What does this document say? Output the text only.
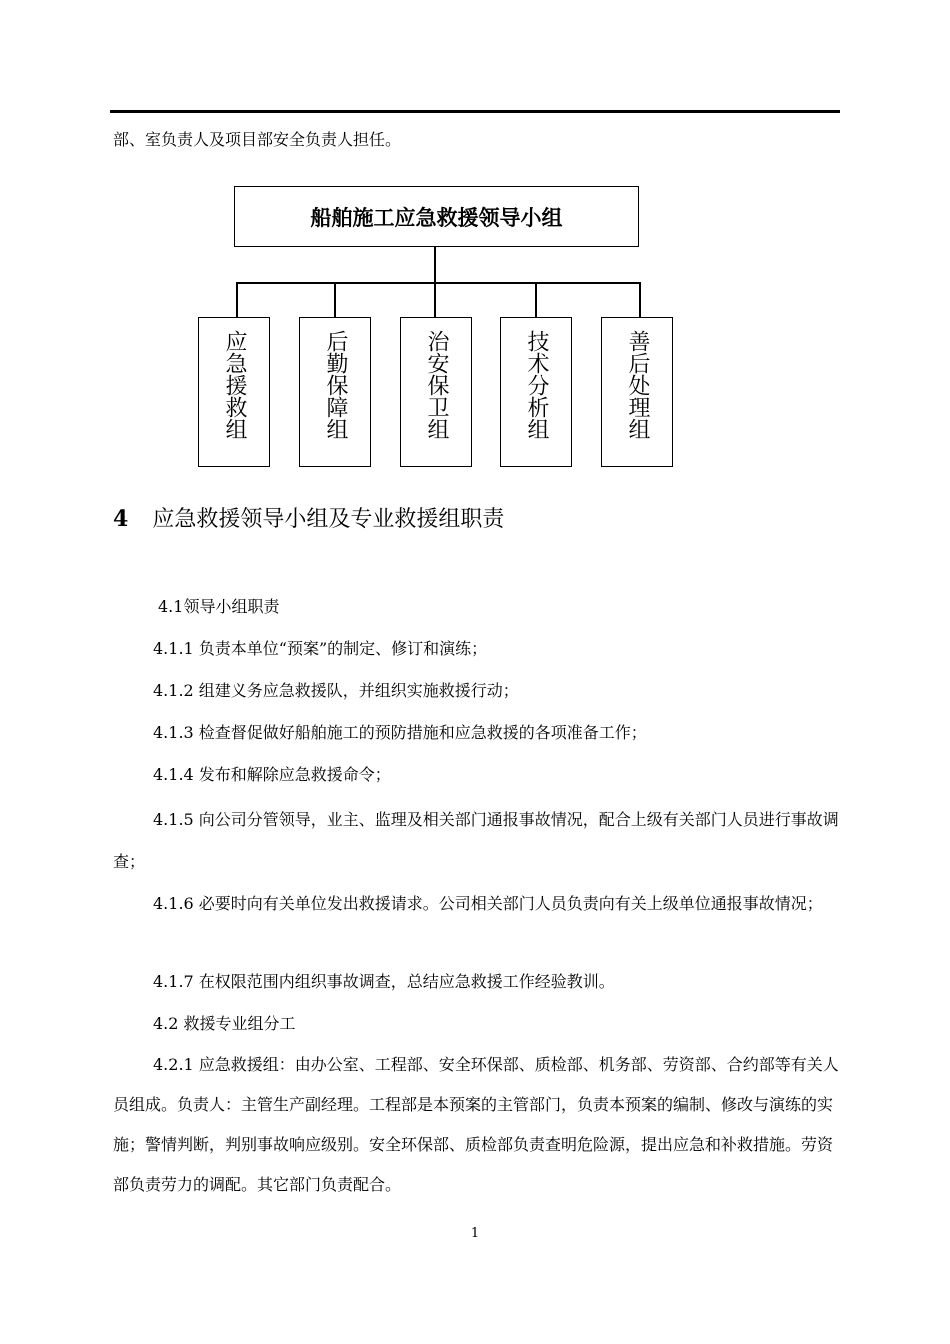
部、室负责人及项目部安全负责人担任。
船舶施工应急救援领导小组
应急援救组	后勤保障组	治安保卫组	技术分析组	善后处理组
4 应急救援领导小组及专业救援组职责
4.1领导小组职责
4.1.1 负责本单位“预案”的制定、修订和演练；
4.1.2 组建义务应急救援队，并组织实施救援行动；
4.1.3 检查督促做好船舶施工的预防措施和应急救援的各项准备工作；
4.1.4 发布和解除应急救援命令；
4.1.5 向公司分管领导，业主、监理及相关部门通报事故情况，配合上级有关部门人员进行事故调查；
4.1.6 必要时向有关单位发出救援请求。公司相关部门人员负责向有关上级单位通报事故情况；
4.1.7 在权限范围内组织事故调查，总结应急救援工作经验教训。
4.2 救援专业组分工
4.2.1 应急救援组：由办公室、工程部、安全环保部、质检部、机务部、劳资部、合约部等有关人员组成。负责人：主管生产副经理。工程部是本预案的主管部门，负责本预案的编制、修改与演练的实施；警情判断，判别事故响应级别。安全环保部、质检部负责查明危险源，提出应急和补救措施。劳资部负责劳力的调配。其它部门负责配合。
1
